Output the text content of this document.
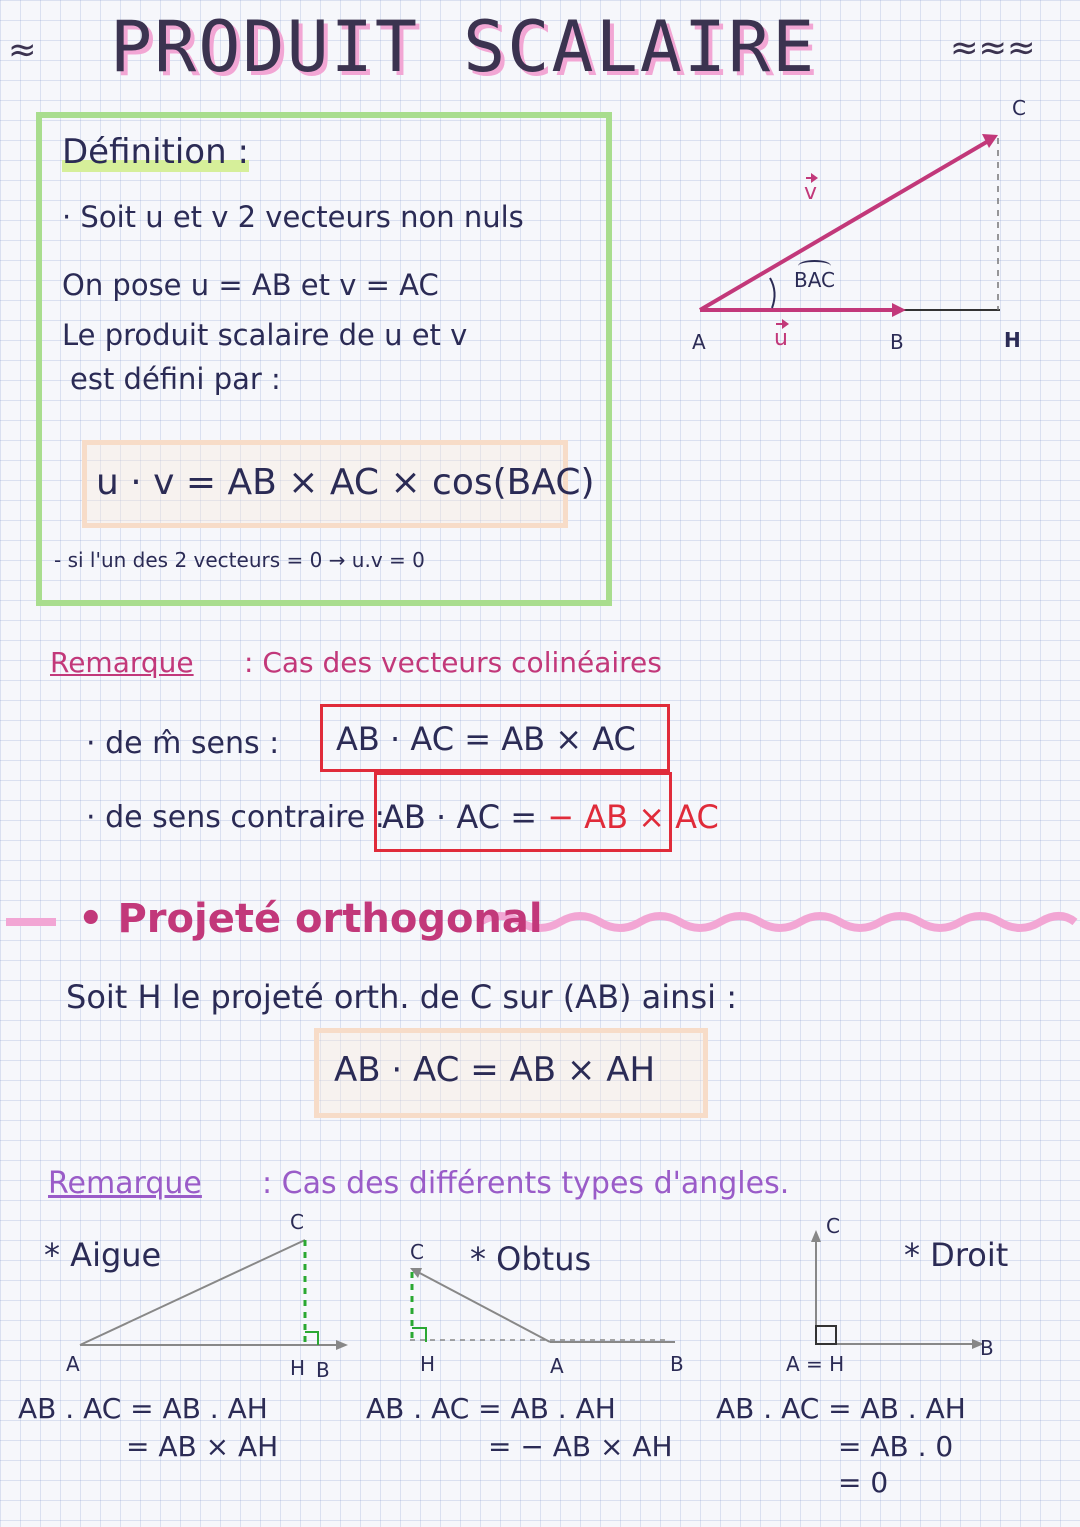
≈ PRODUIT SCALAIRE	≈≈≈
Définition :
· Soit u et v 2 vecteurs non nuls
On pose u = AB et v = AC
Le produit scalaire de u et v
est défini par :
u · v = AB × AC × cos(BAC)
- si l'un des 2 vecteurs = 0 → u.v = 0
A	B
C
H
u
v
BAC
Remarque : Cas des vecteurs colinéaires
· de m̂ sens : AB · AC = AB × AC
· de sens contraire :
AB · AC = − AB × AC
• Projeté orthogonal
Soit H le projeté orth. de C sur (AB) ainsi :
AB · AC = AB × AH
Remarque : Cas des différents types d'angles.
* Aigue
A	H B
C
AB . AC = AB . AH
= AB × AH
* Obtus
C
H	A	B
AB . AC = AB . AH
= − AB × AH
* Droit
C
A = H
B
AB . AC = AB . AH
= AB . 0
= 0
